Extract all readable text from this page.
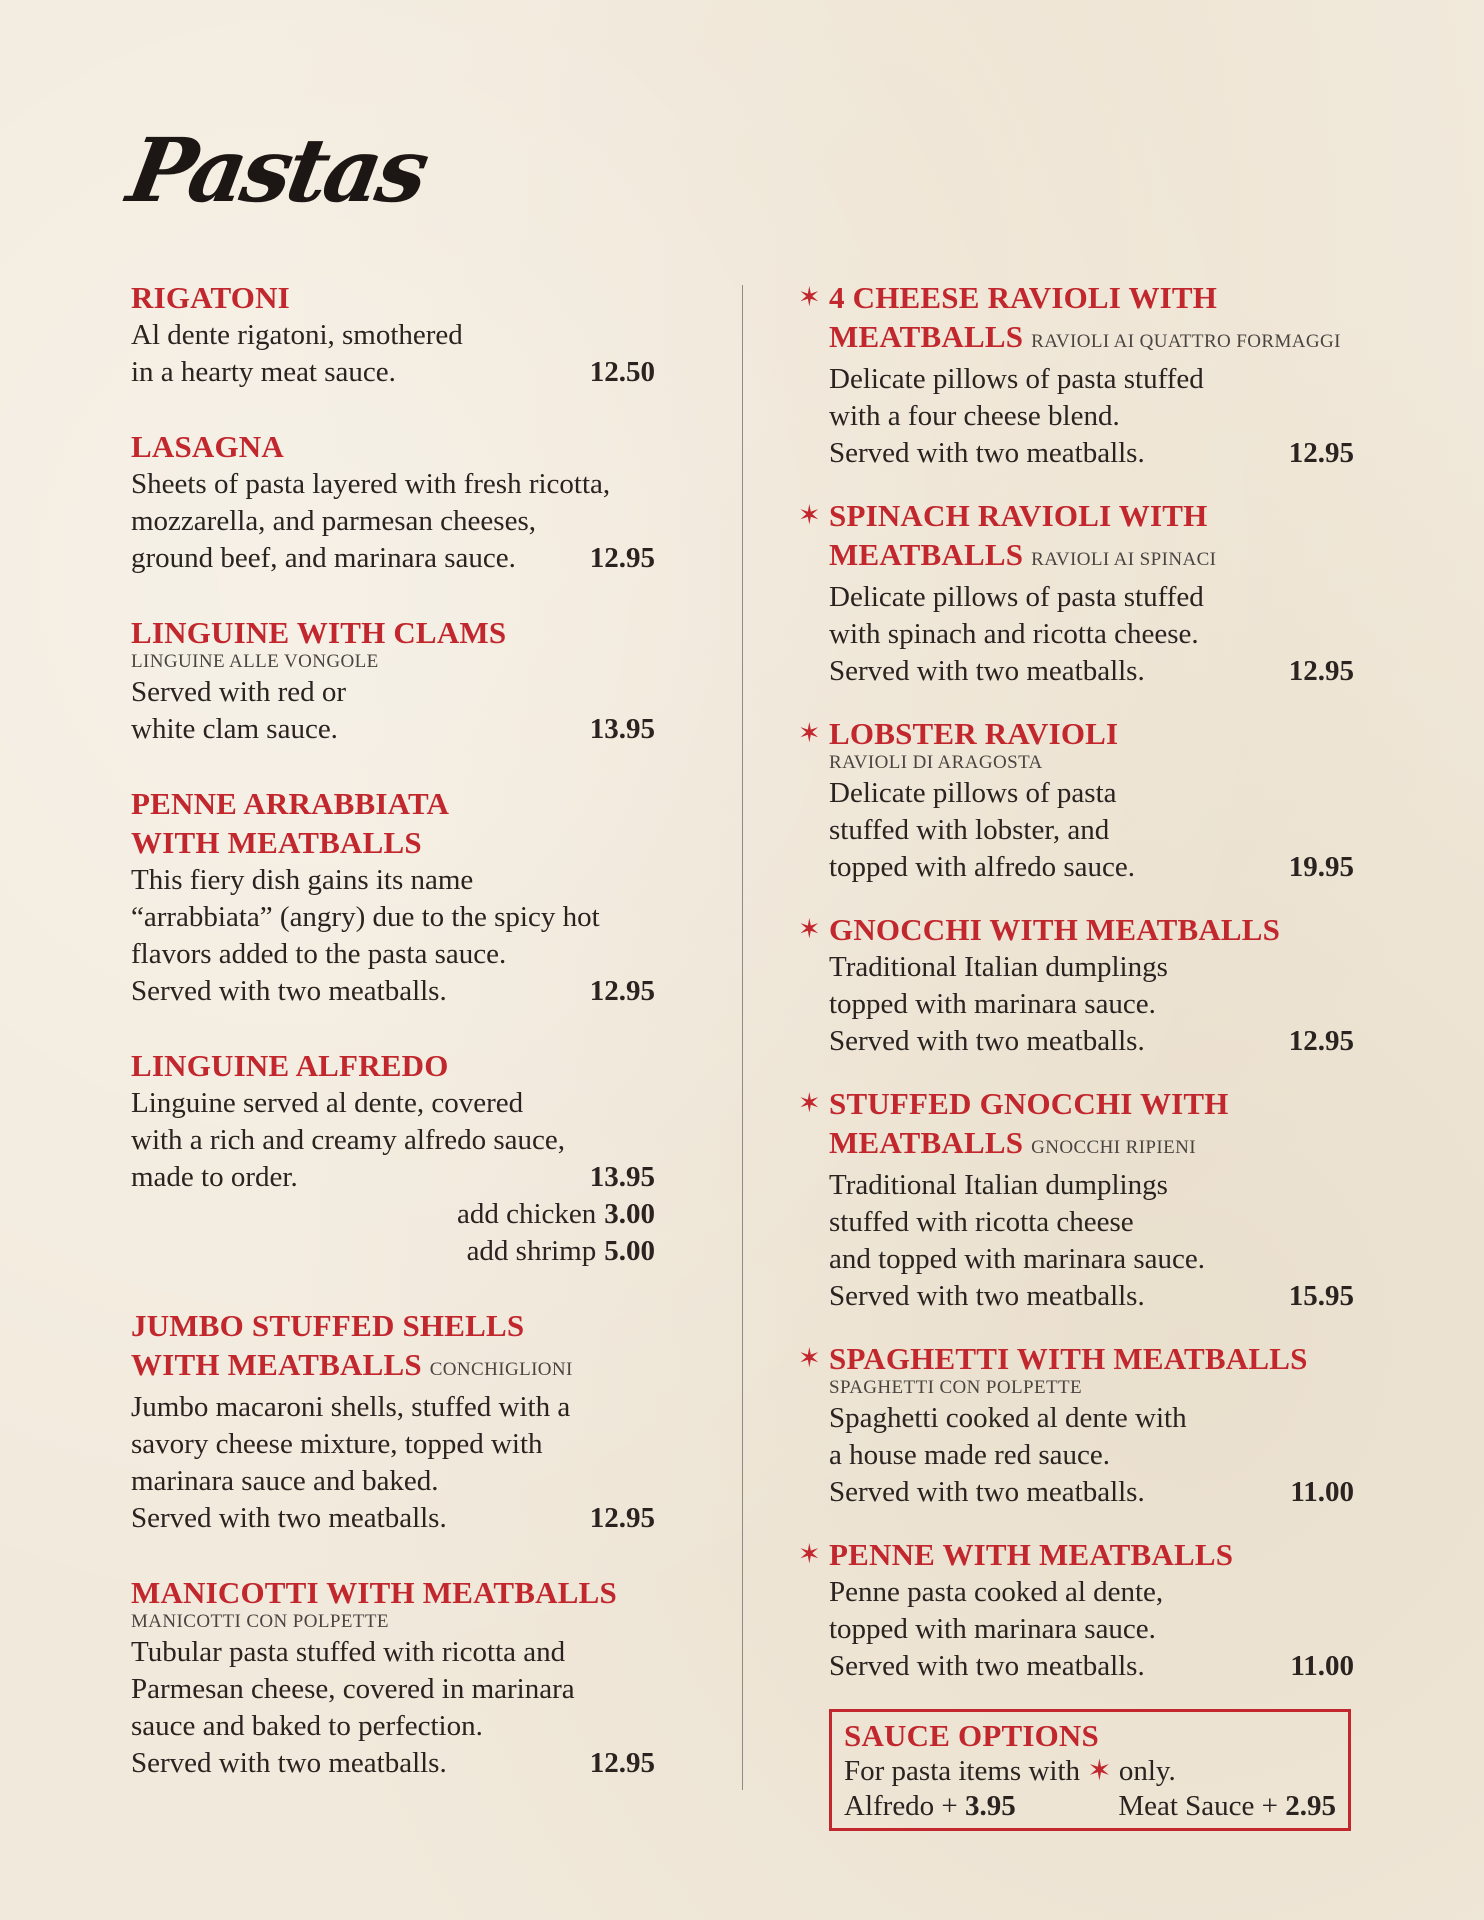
Pastas
RIGATONI
Al dente rigatoni, smothered
in a hearty meat sauce.	12.50
LASAGNA
Sheets of pasta layered with fresh ricotta,
mozzarella, and parmesan cheeses,
ground beef, and marinara sauce.	12.95
LINGUINE WITH CLAMS
LINGUINE ALLE VONGOLE
Served with red or
white clam sauce.	13.95
PENNE ARRABBIATA
WITH MEATBALLS
This fiery dish gains its name
“arrabbiata” (angry) due to the spicy hot
flavors added to the pasta sauce.
Served with two meatballs.	12.95
LINGUINE ALFREDO
Linguine served al dente, covered
with a rich and creamy alfredo sauce,
made to order.	13.95
add chicken 3.00
add shrimp 5.00
JUMBO STUFFED SHELLS
WITH MEATBALLS CONCHIGLIONI
Jumbo macaroni shells, stuffed with a
savory cheese mixture, topped with
marinara sauce and baked.
Served with two meatballs.	12.95
MANICOTTI WITH MEATBALLS
MANICOTTI CON POLPETTE
Tubular pasta stuffed with ricotta and
Parmesan cheese, covered in marinara
sauce and baked to perfection.
Served with two meatballs.	12.95
✶ 4 CHEESE RAVIOLI WITH
MEATBALLS RAVIOLI AI QUATTRO FORMAGGI
Delicate pillows of pasta stuffed
with a four cheese blend.
Served with two meatballs.	12.95
✶ SPINACH RAVIOLI WITH
MEATBALLS RAVIOLI AI SPINACI
Delicate pillows of pasta stuffed
with spinach and ricotta cheese.
Served with two meatballs.	12.95
✶ LOBSTER RAVIOLI
RAVIOLI DI ARAGOSTA
Delicate pillows of pasta
stuffed with lobster, and
topped with alfredo sauce.	19.95
✶ GNOCCHI WITH MEATBALLS
Traditional Italian dumplings
topped with marinara sauce.
Served with two meatballs.	12.95
✶ STUFFED GNOCCHI WITH
MEATBALLS GNOCCHI RIPIENI
Traditional Italian dumplings
stuffed with ricotta cheese
and topped with marinara sauce.
Served with two meatballs.	15.95
✶ SPAGHETTI WITH MEATBALLS
SPAGHETTI CON POLPETTE
Spaghetti cooked al dente with
a house made red sauce.
Served with two meatballs.	11.00
✶ PENNE WITH MEATBALLS
Penne pasta cooked al dente,
topped with marinara sauce.
Served with two meatballs.	11.00
SAUCE OPTIONS
For pasta items with
✶
only.
Alfredo + 3.95	Meat Sauce + 2.95
